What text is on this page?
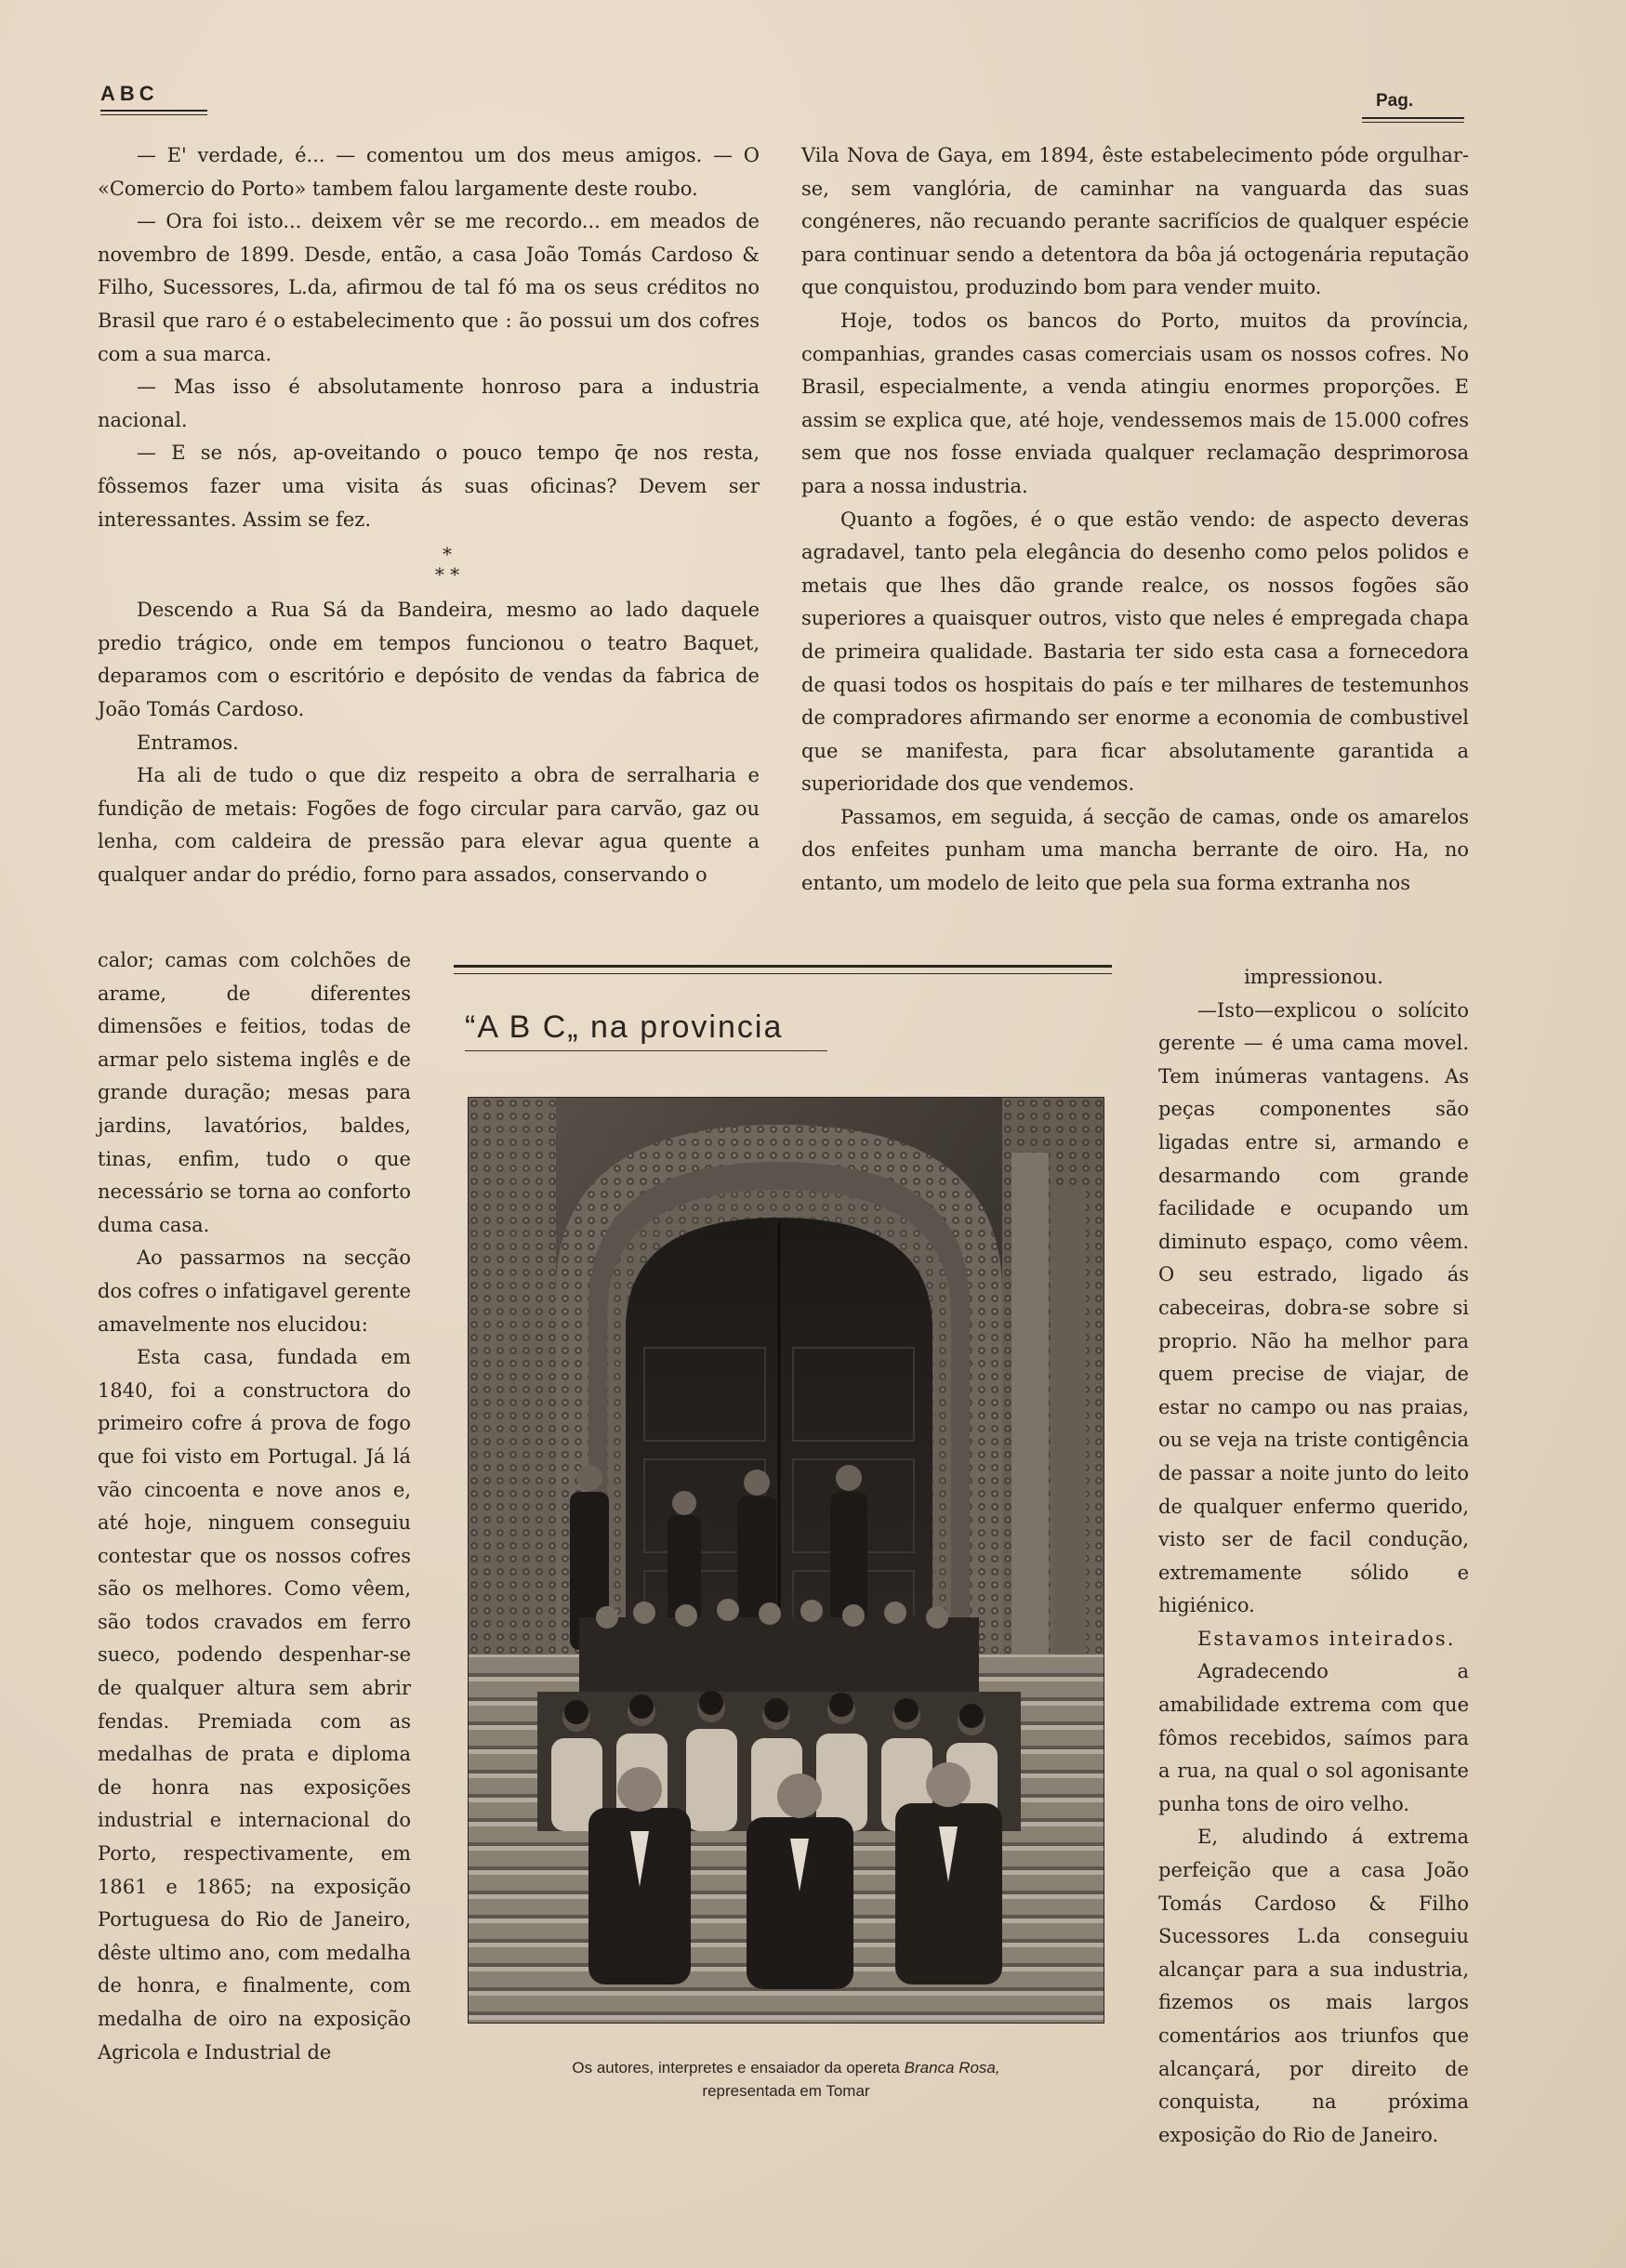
ABC	Pag.

— E' verdade, é... — comentou um dos meus amigos. — O «Comercio do Porto» tambem falou largamente deste roubo.

— Ora foi isto... deixem vêr se me recordo... em meados de novembro de 1899. Desde, então, a casa João Tomás Cardoso & Filho, Sucessores, L.da, afirmou de tal fó ma os seus créditos no Brasil que raro é o estabelecimento que : ão possui um dos cofres com a sua marca.

— Mas isso é absolutamente honroso para a industria nacional.

— E se nós, ap-oveitando o pouco tempo q̄e nos resta, fôssemos fazer uma visita ás suas oficinas? Devem ser interessantes. Assim se fez.

*
* *

Descendo a Rua Sá da Bandeira, mesmo ao lado daquele predio trágico, onde em tempos funcionou o teatro Baquet, deparamos com o escritório e depósito de vendas da fabrica de João Tomás Cardoso.

Entramos.

Ha ali de tudo o que diz respeito a obra de serralharia e fundição de metais: Fogões de fogo circular para carvão, gaz ou lenha, com caldeira de pressão para elevar agua quente a qualquer andar do prédio, forno para assados, conservando o

calor; camas com colchões de arame, de diferentes dimensões e feitios, todas de armar pelo sistema inglês e de grande duração; mesas para jardins, lavatórios, baldes, tinas, enfim, tudo o que necessário se torna ao conforto duma casa.

Ao passarmos na secção dos cofres o infatigavel gerente amavelmente nos elucidou:

Esta casa, fundada em 1840, foi a constructora do primeiro cofre á prova de fogo que foi visto em Portugal. Já lá vão cincoenta e nove anos e, até hoje, ninguem conseguiu contestar que os nossos cofres são os melhores. Como vêem, são todos cravados em ferro sueco, podendo despenhar-se de qualquer altura sem abrir fendas. Premiada com as medalhas de prata e diploma de honra nas exposições industrial e internacional do Porto, respectivamente, em 1861 e 1865; na exposição Portuguesa do Rio de Janeiro, dêste ultimo ano, com medalha de honra, e finalmente, com medalha de oiro na exposição Agricola e Industrial de

Vila Nova de Gaya, em 1894, êste estabelecimento póde orgulhar-se, sem vanglória, de caminhar na vanguarda das suas congéneres, não recuando perante sacrifícios de qualquer espécie para continuar sendo a detentora da bôa já octogenária reputação que conquistou, produzindo bom para vender muito.

Hoje, todos os bancos do Porto, muitos da província, companhias, grandes casas comerciais usam os nossos cofres. No Brasil, especialmente, a venda atingiu enormes proporções. E assim se explica que, até hoje, vendessemos mais de 15.000 cofres sem que nos fosse enviada qualquer reclamação desprimorosa para a nossa industria.

Quanto a fogões, é o que estão vendo: de aspecto deveras agradavel, tanto pela elegância do desenho como pelos polidos e metais que lhes dão grande realce, os nossos fogões são superiores a quaisquer outros, visto que neles é empregada chapa de primeira qualidade. Bastaria ter sido esta casa a fornecedora de quasi todos os hospitais do país e ter milhares de testemunhos de compradores afirmando ser enorme a economia de combustivel que se manifesta, para ficar absolutamente garantida a superioridade dos que vendemos.

Passamos, em seguida, á secção de camas, onde os amarelos dos enfeites punham uma mancha berrante de oiro. Ha, no entanto, um modelo de leito que pela sua forma extranha nos

impressionou.

—Isto—explicou o solícito gerente — é uma cama movel. Tem inúmeras vantagens. As peças componentes são ligadas entre si, armando e desarmando com grande facilidade e ocupando um diminuto espaço, como vêem. O seu estrado, ligado ás cabeceiras, dobra-se sobre si proprio. Não ha melhor para quem precise de viajar, de estar no campo ou nas praias, ou se veja na triste contigência de passar a noite junto do leito de qualquer enfermo querido, visto ser de facil condução, extremamente sólido e higiénico.

Estavamos inteirados.

Agradecendo a amabilidade extrema com que fômos recebidos, saímos para a rua, na qual o sol agonisante punha tons de oiro velho.

E, aludindo á extrema perfeição que a casa João Tomás Cardoso & Filho Sucessores L.da conseguiu alcançar para a sua industria, fizemos os mais largos comentários aos triunfos que alcançará, por direito de conquista, na próxima exposição do Rio de Janeiro.

“A B C„ na provincia
Os autores, interpretes e ensaiador da opereta Branca Rosa,
representada em Tomar
